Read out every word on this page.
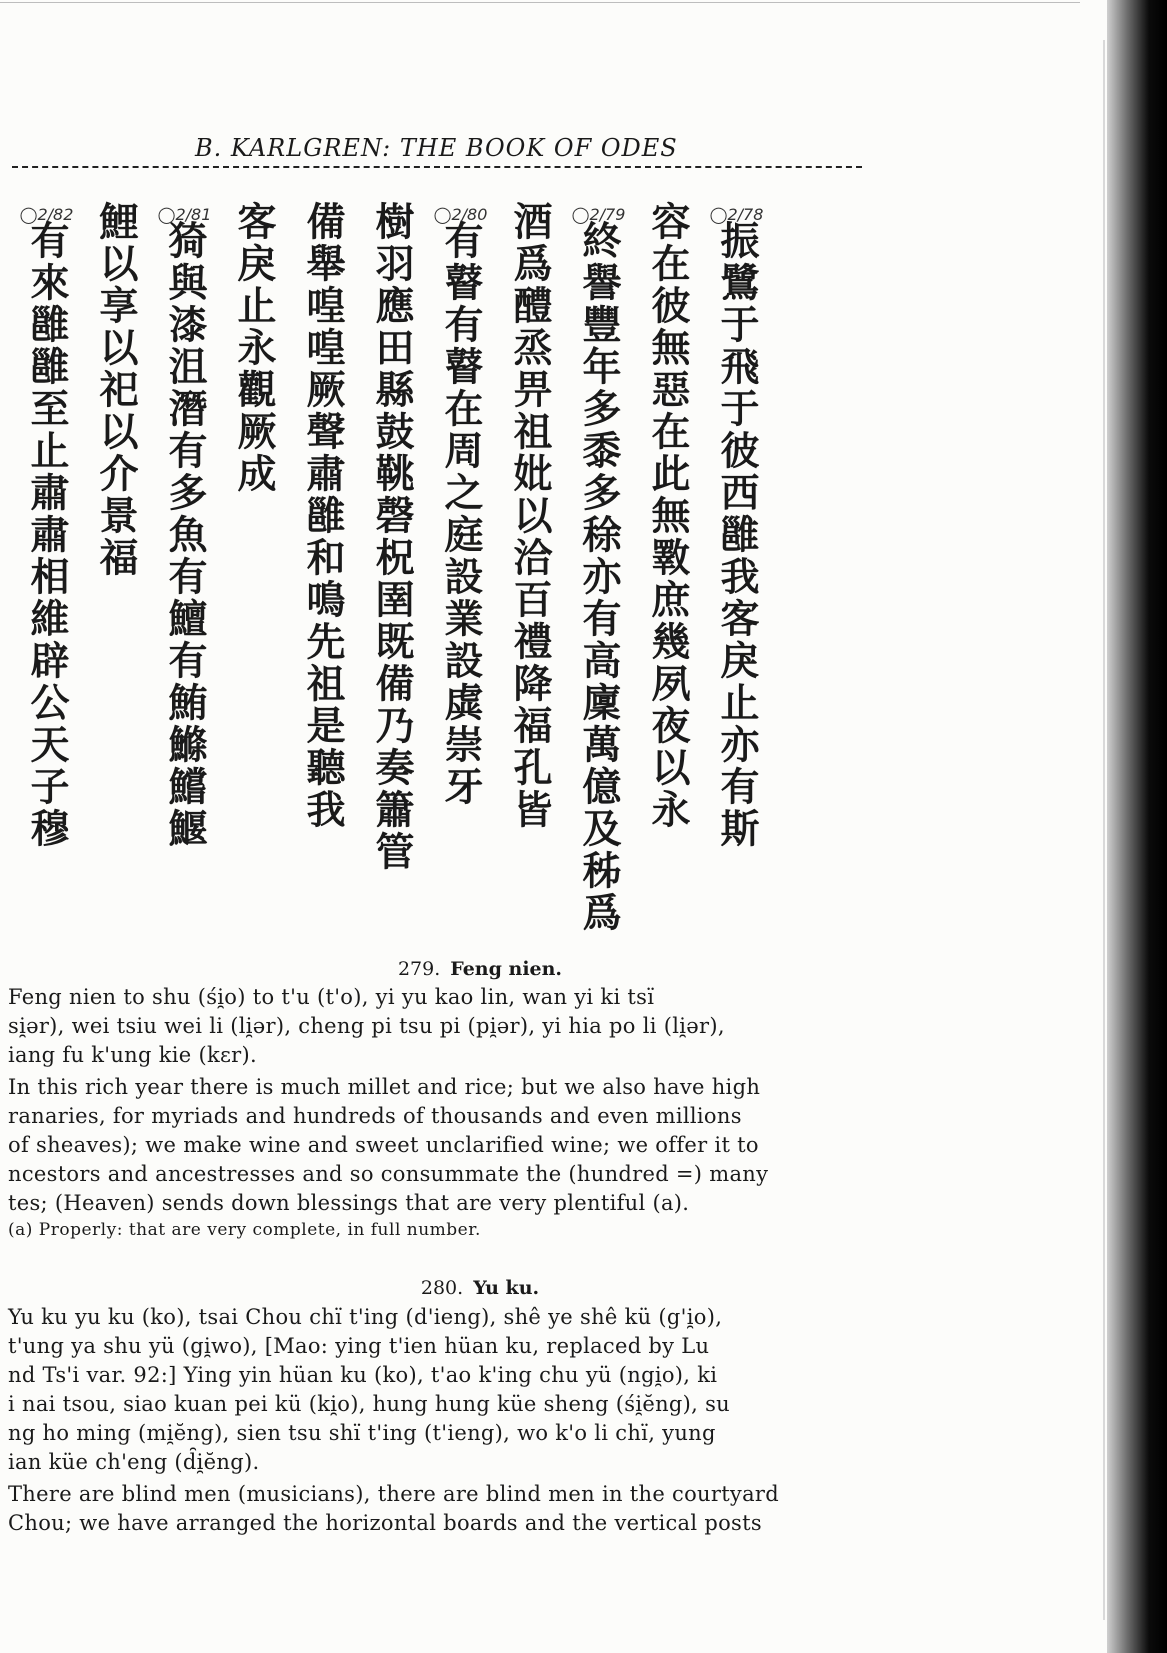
B. KARLGREN: THE BOOK OF ODES
◯2/78
振鷺于飛于彼西雝我客戾止亦有斯
容在彼無惡在此無斁庶幾夙夜以永
◯2/79
終譽豐年多黍多稌亦有高廩萬億及秭爲
酒爲醴烝畀祖妣以洽百禮降福孔皆
◯2/80
有瞽有瞽在周之庭設業設虡崇牙
樹羽應田縣鼓鞉磬柷圉既備乃奏簫管
備舉喤喤厥聲肅雝和鳴先祖是聽我
客戾止永觀厥成
◯2/81
猗與漆沮潛有多魚有鱣有鮪鰷鱨鰋
鯉以享以祀以介景福
◯2/82
有來雝雝至止肅肅相維辟公天子穆
279. Feng nien.

Feng nien to shu (śi̯o) to t'u (t'o), yi yu kao lin, wan yi ki tsï

si̯ər), wei tsiu wei li (li̯ər), cheng pi tsu pi (pi̯ər), yi hia po li (li̯ər),

iang fu k'ung kie (kɛr).

In this rich year there is much millet and rice; but we also have high

ranaries, for myriads and hundreds of thousands and even millions

of sheaves); we make wine and sweet unclarified wine; we offer it to

ncestors and ancestresses and so consummate the (hundred =) many

tes; (Heaven) sends down blessings that are very plentiful (a).

(a) Properly: that are very complete, in full number.
280. Yu ku.

Yu ku yu ku (ko), tsai Chou chï t'ing (d'ieng), shê ye shê kü (g'i̯o),

t'ung ya shu yü (gi̯wo), [Mao: ying t'ien hüan ku, replaced by Lu

nd Ts'i var. 92:] Ying yin hüan ku (ko), t'ao k'ing chu yü (ngi̯o), ki

i nai tsou, siao kuan pei kü (ki̯o), hung hung küe sheng (śi̯ĕng), su

ng ho ming (mi̯ĕng), sien tsu shï t'ing (t'ieng), wo k'o li chï, yung

ian küe ch'eng (d̑i̯ĕng).

There are blind men (musicians), there are blind men in the courtyard

Chou; we have arranged the horizontal boards and the vertical posts
